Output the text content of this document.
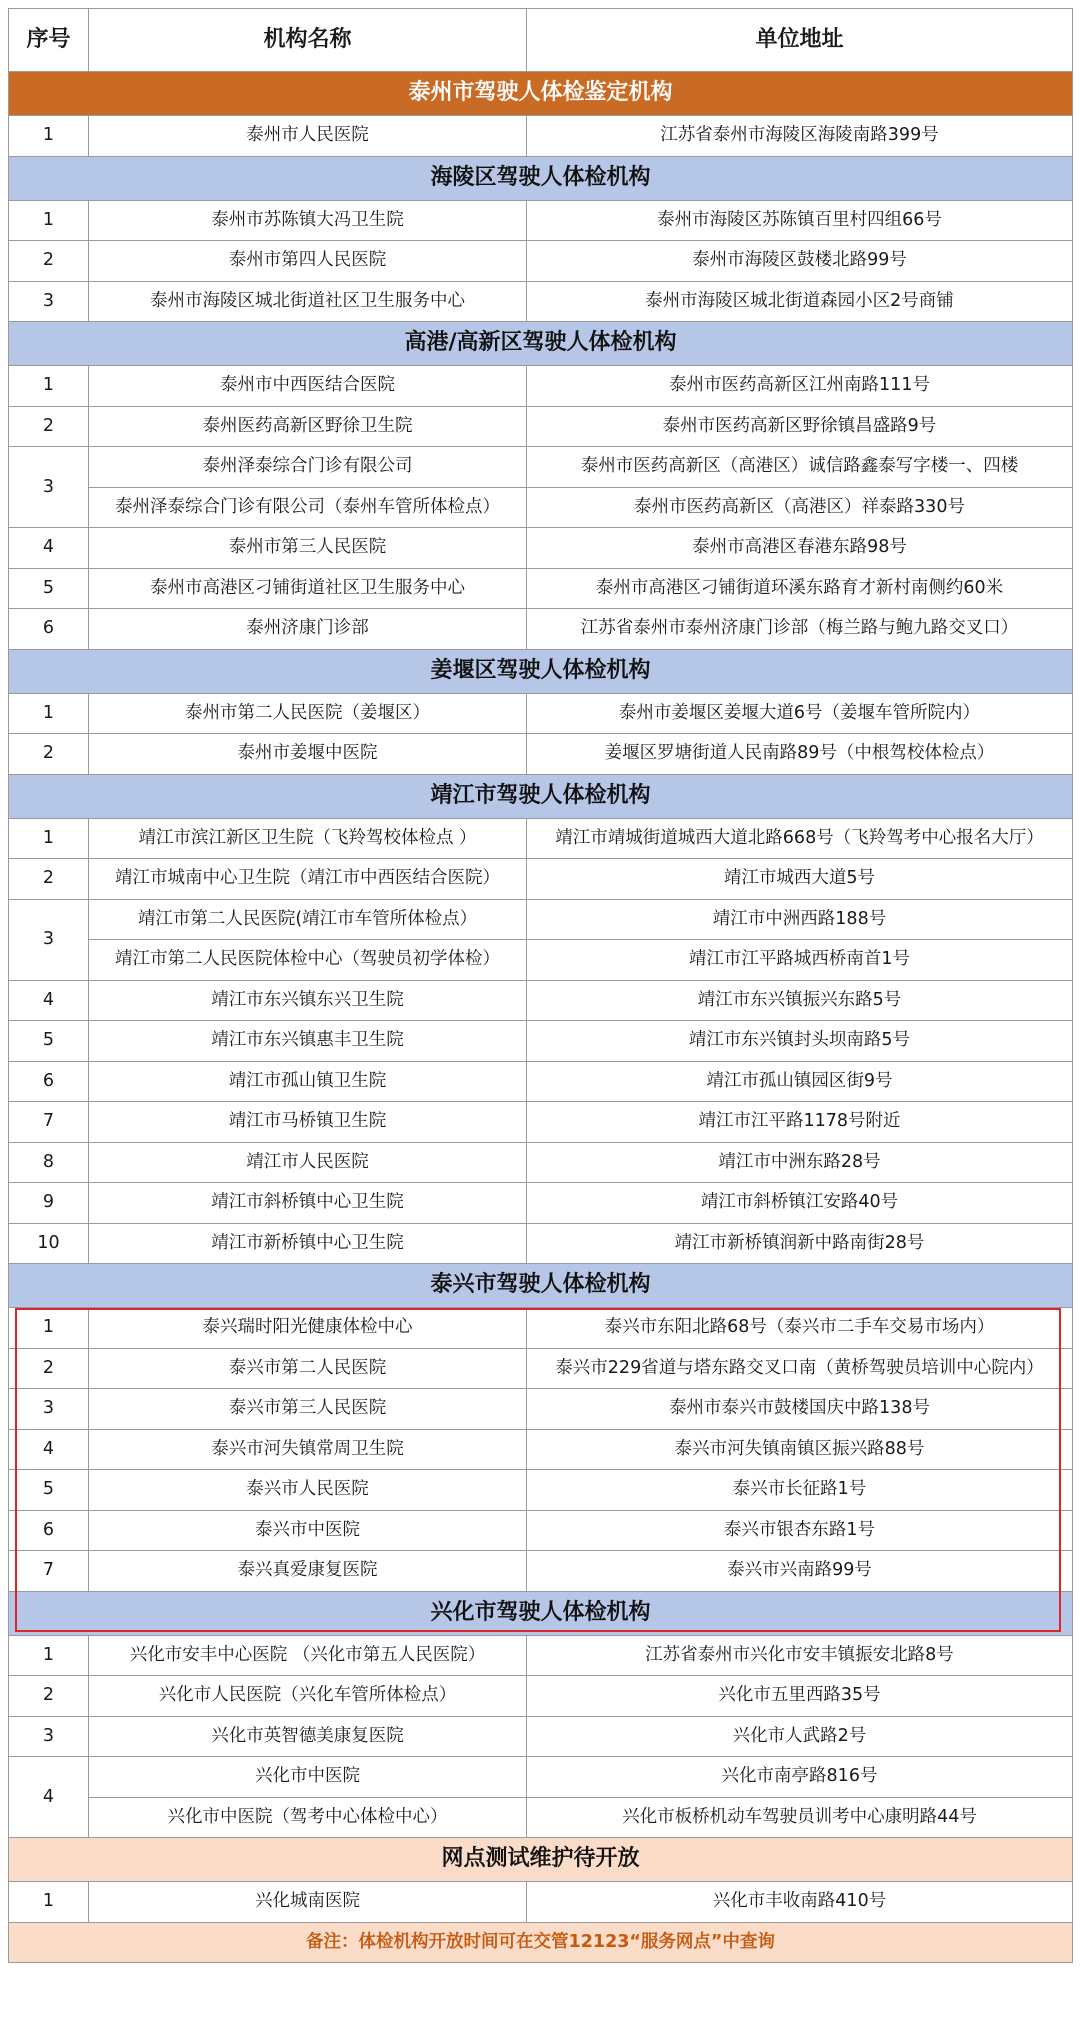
序号	机构名称	单位地址
泰州市驾驶人体检鉴定机构		
1	泰州市人民医院	江苏省泰州市海陵区海陵南路399号
海陵区驾驶人体检机构		
1	泰州市苏陈镇大冯卫生院	泰州市海陵区苏陈镇百里村四组66号
2	泰州市第四人民医院	泰州市海陵区鼓楼北路99号
3	泰州市海陵区城北街道社区卫生服务中心	泰州市海陵区城北街道森园小区2号商铺
高港/高新区驾驶人体检机构		
1	泰州市中西医结合医院	泰州市医药高新区江州南路111号
2	泰州医药高新区野徐卫生院	泰州市医药高新区野徐镇昌盛路9号
3	泰州泽泰综合门诊有限公司	泰州市医药高新区（高港区）诚信路鑫泰写字楼一、四楼
	泰州泽泰综合门诊有限公司（泰州车管所体检点）	泰州市医药高新区（高港区）祥泰路330号
4	泰州市第三人民医院	泰州市高港区春港东路98号
5	泰州市高港区刁铺街道社区卫生服务中心	泰州市高港区刁铺街道环溪东路育才新村南侧约60米
6	泰州济康门诊部	江苏省泰州市泰州济康门诊部（梅兰路与鲍九路交叉口）
姜堰区驾驶人体检机构		
1	泰州市第二人民医院（姜堰区）	泰州市姜堰区姜堰大道6号（姜堰车管所院内）
2	泰州市姜堰中医院	姜堰区罗塘街道人民南路89号（中根驾校体检点）
靖江市驾驶人体检机构		
1	靖江市滨江新区卫生院（飞羚驾校体检点 ）	靖江市靖城街道城西大道北路668号（飞羚驾考中心报名大厅）
2	靖江市城南中心卫生院（靖江市中西医结合医院）	靖江市城西大道5号
3	靖江市第二人民医院(靖江市车管所体检点）	靖江市中洲西路188号
	靖江市第二人民医院体检中心（驾驶员初学体检）	靖江市江平路城西桥南首1号
4	靖江市东兴镇东兴卫生院	靖江市东兴镇振兴东路5号
5	靖江市东兴镇惠丰卫生院	靖江市东兴镇封头坝南路5号
6	靖江市孤山镇卫生院	靖江市孤山镇园区街9号
7	靖江市马桥镇卫生院	靖江市江平路1178号附近
8	靖江市人民医院	靖江市中洲东路28号
9	靖江市斜桥镇中心卫生院	靖江市斜桥镇江安路40号
10	靖江市新桥镇中心卫生院	靖江市新桥镇润新中路南街28号
泰兴市驾驶人体检机构		
1	泰兴瑞时阳光健康体检中心	泰兴市东阳北路68号（泰兴市二手车交易市场内）
2	泰兴市第二人民医院	泰兴市229省道与塔东路交叉口南（黄桥驾驶员培训中心院内）
3	泰兴市第三人民医院	泰州市泰兴市鼓楼国庆中路138号
4	泰兴市河失镇常周卫生院	泰兴市河失镇南镇区振兴路88号
5	泰兴市人民医院	泰兴市长征路1号
6	泰兴市中医院	泰兴市银杏东路1号
7	泰兴真爱康复医院	泰兴市兴南路99号
兴化市驾驶人体检机构		
1	兴化市安丰中心医院 （兴化市第五人民医院）	江苏省泰州市兴化市安丰镇振安北路8号
2	兴化市人民医院（兴化车管所体检点）	兴化市五里西路35号
3	兴化市英智德美康复医院	兴化市人武路2号
4	兴化市中医院	兴化市南亭路816号
	兴化市中医院（驾考中心体检中心）	兴化市板桥机动车驾驶员训考中心康明路44号
网点测试维护待开放		
1	兴化城南医院	兴化市丰收南路410号
备注：体检机构开放时间可在交管12123“服务网点”中查询		
